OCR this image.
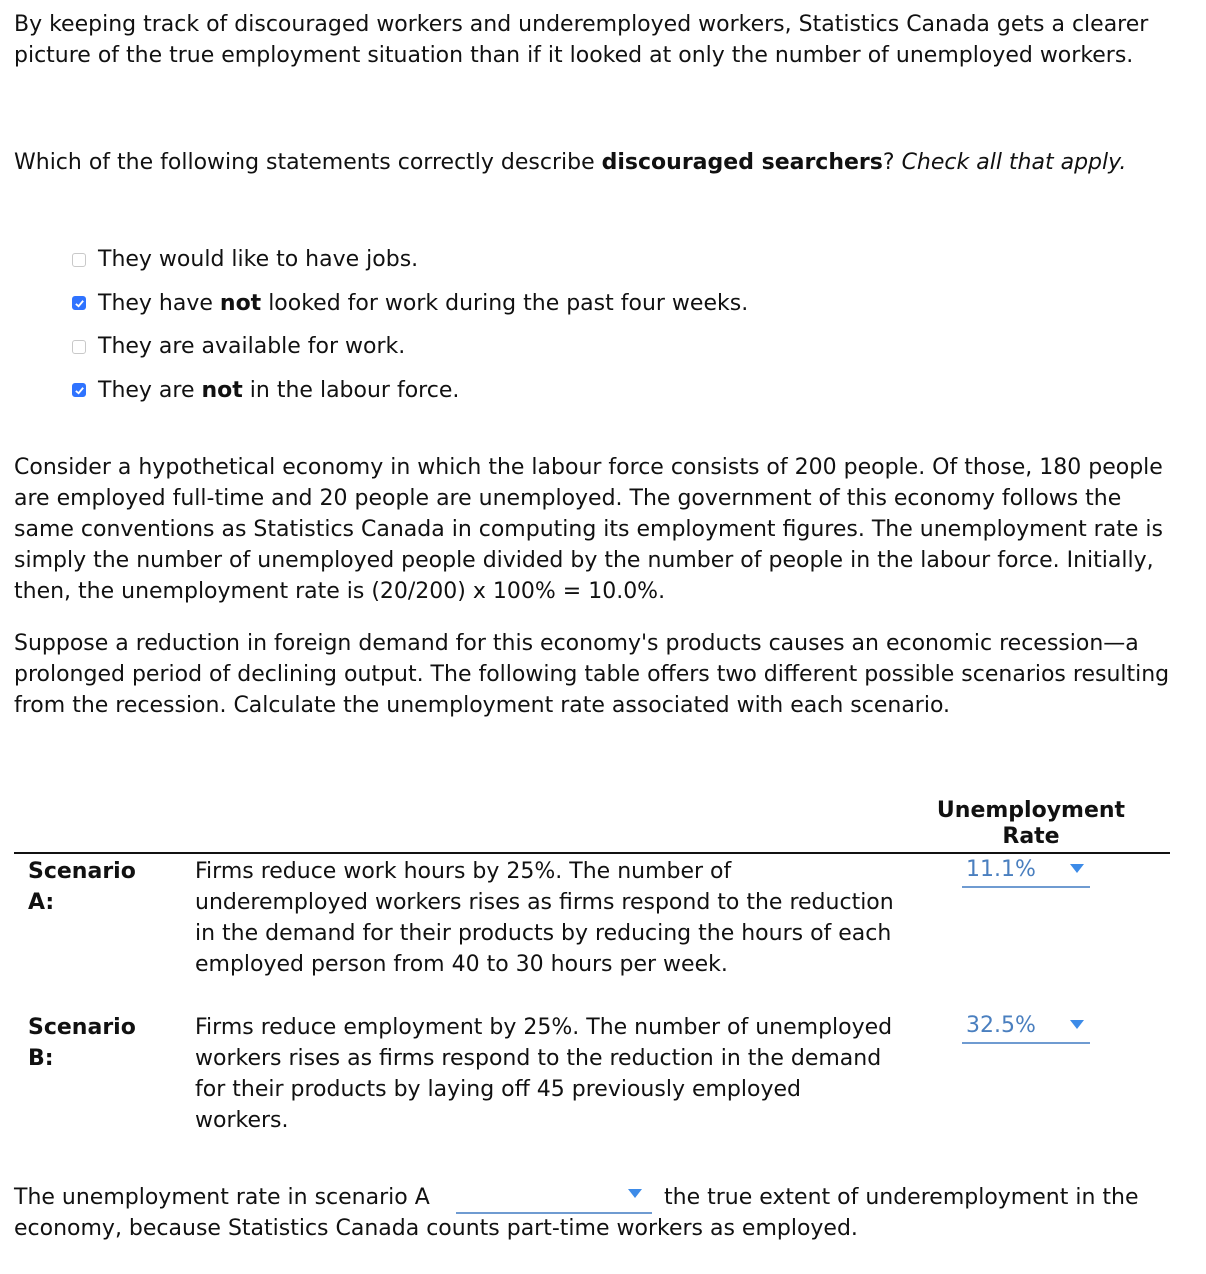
By keeping track of discouraged workers and underemployed workers, Statistics Canada gets a clearer picture of the true employment situation than if it looked at only the number of unemployed workers.

Which of the following statements correctly describe discouraged searchers? Check all that apply.

They would like to have jobs.
They have not looked for work during the past four weeks.
They are available for work.
They are not in the labour force.

Consider a hypothetical economy in which the labour force consists of 200 people. Of those, 180 people are employed full-time and 20 people are unemployed. The government of this economy follows the same conventions as Statistics Canada in computing its employment figures. The unemployment rate is simply the number of unemployed people divided by the number of people in the labour force. Initially, then, the unemployment rate is (20/200) x 100% = 10.0%.

Suppose a reduction in foreign demand for this economy's products causes an economic recession—a prolonged period of declining output. The following table offers two different possible scenarios resulting from the recession. Calculate the unemployment rate associated with each scenario.

Unemployment
Rate
Scenario
A:
Firms reduce work hours by 25%. The number of underemployed workers rises as firms respond to the reduction in the demand for their products by reducing the hours of each employed person from 40 to 30 hours per week.
11.1%
Scenario
B:
Firms reduce employment by 25%. The number of unemployed workers rises as firms respond to the reduction in the demand for their products by laying off 45 previously employed workers.
32.5%
The unemployment rate in scenario A	the true extent of underemployment in the

economy, because Statistics Canada counts part-time workers as employed.
